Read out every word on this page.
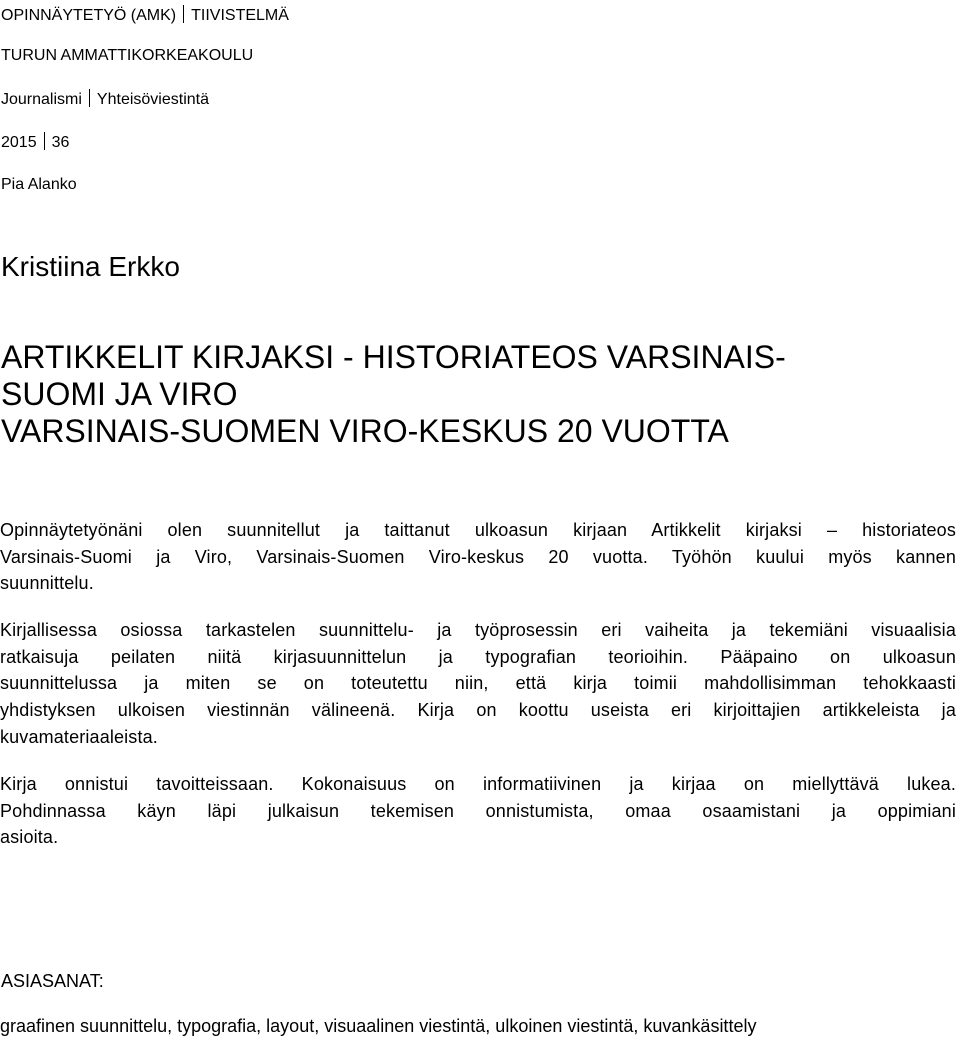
OPINNÄYTETYÖ (AMK) TIIVISTELMÄ
TURUN AMMATTIKORKEAKOULU
Journalismi Yhteisöviestintä
2015 36
Pia Alanko
Kristiina Erkko
ARTIKKELIT KIRJAKSI - HISTORIATEOS VARSINAIS-
SUOMI JA VIRO
VARSINAIS-SUOMEN VIRO-KESKUS 20 VUOTTA
Opinnäytetyönäni olen suunnitellut ja taittanut ulkoasun kirjaan Artikkelit kirjaksi – historiateos
Varsinais-Suomi ja Viro, Varsinais-Suomen Viro-keskus 20 vuotta. Työhön kuului myös kannen
suunnittelu.
Kirjallisessa osiossa tarkastelen suunnittelu- ja työprosessin eri vaiheita ja tekemiäni visuaalisia
ratkaisuja peilaten niitä kirjasuunnittelun ja typografian teorioihin. Pääpaino on ulkoasun
suunnittelussa ja miten se on toteutettu niin, että kirja toimii mahdollisimman tehokkaasti
yhdistyksen ulkoisen viestinnän välineenä. Kirja on koottu useista eri kirjoittajien artikkeleista ja
kuvamateriaaleista.
Kirja onnistui tavoitteissaan. Kokonaisuus on informatiivinen ja kirjaa on miellyttävä lukea.
Pohdinnassa käyn läpi julkaisun tekemisen onnistumista, omaa osaamistani ja oppimiani
asioita.
ASIASANAT:
graafinen suunnittelu, typografia, layout, visuaalinen viestintä, ulkoinen viestintä, kuvankäsittely
